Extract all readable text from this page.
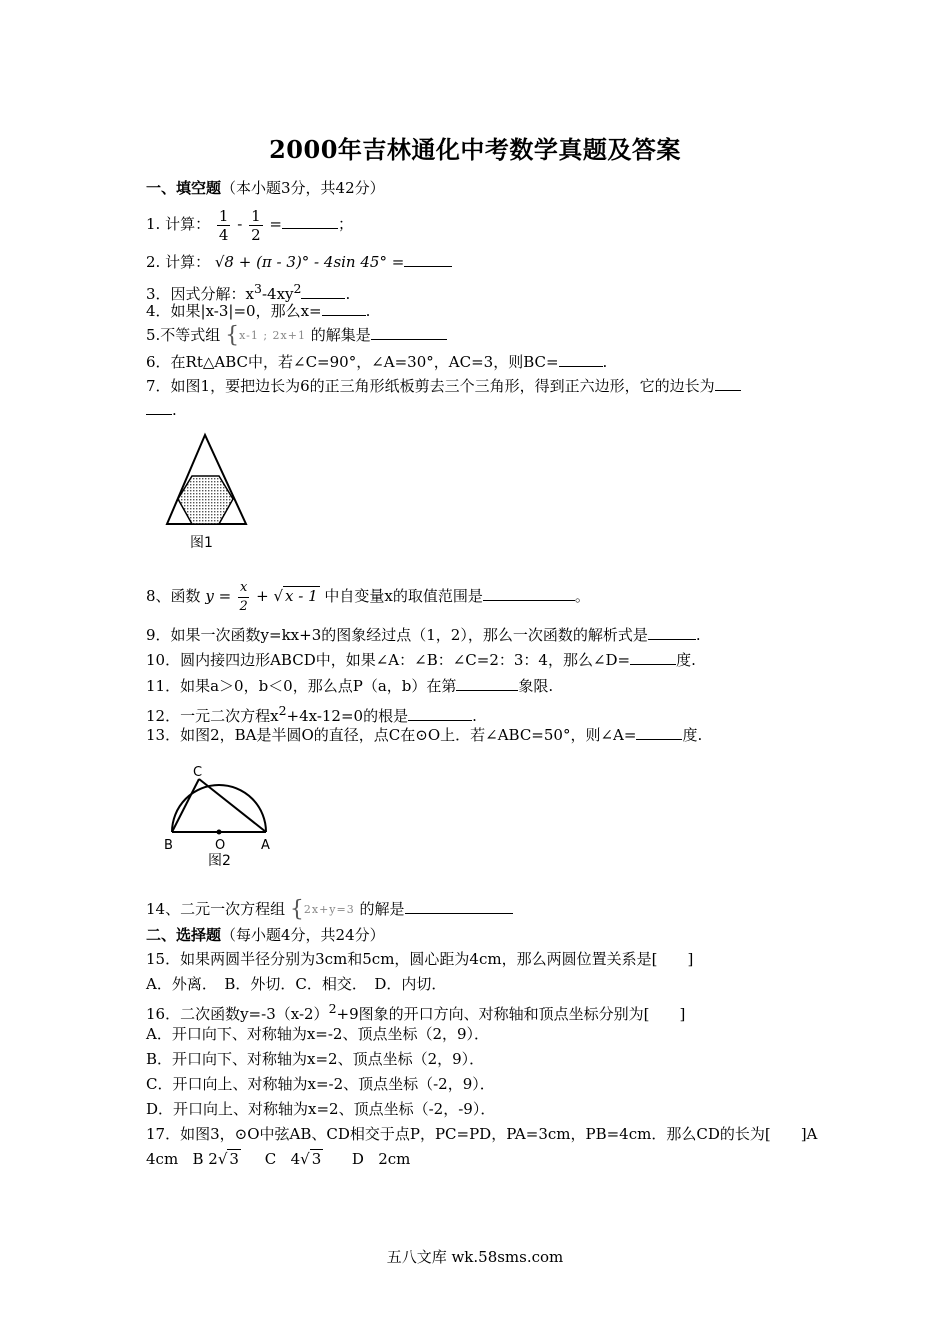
2000年吉林通化中考数学真题及答案
一、填空题（本小题3分，共42分）
1. 计算： $\frac{1}{4} - \frac{1}{2}$ =	；
2. 计算： √8 + (π - 3)° - 4sin 45° =
3．因式分解：$x^3-4xy^2$	.
4．如果|x-3|=0，那么x=	.
5.不等式组 {x-1 ; 2x+1 的解集是
6．在Rt△ABC中，若∠C=90°，∠A=30°，AC=3，则BC=	.
7．如图1，要把边长为6的正三角形纸板剪去三个三角形，得到正六边形，它的边长为
.
图1
8、函数 $y = \frac{x}{2}$ + √ x - 1 中自变量x的取值范围是	。
9．如果一次函数y=kx+3的图象经过点（1，2），那么一次函数的解析式是	.
10．圆内接四边形ABCD中，如果∠A：∠B：∠C=2：3：4，那么∠D=	度.
11．如果a＞0，b＜0，那么点P（a，b）在第	象限.
12．一元二次方程$x^2+4x-12=0$的根是	.
13．如图2，BA是半圆O的直径，点C在⊙O上．若∠ABC=50°，则∠A=	度.
C
B	O	A
图2
14、二元一次方程组 {2x+y=3 的解是
二、选择题（每小题4分，共24分）
15．如果两圆半径分别为3cm和5cm，圆心距为4cm，那么两圆位置关系是[　　]
A．外离．　B．外切．C．相交．　D．内切．
16．二次函数$y=-3(x-2)^2+9$图象的开口方向、对称轴和顶点坐标分别为[　　]
A．开口向下、对称轴为x=-2、顶点坐标（2，9）．
B．开口向下、对称轴为x=2、顶点坐标（2，9）．
C．开口向上、对称轴为x=-2、顶点坐标（-2，9）．
D．开口向上、对称轴为x=2、顶点坐标（-2，-9）．
17．如图3，⊙O中弦AB、CD相交于点P，PC=PD，PA=3cm，PB=4cm．那么CD的长为[　　]A
4cm B 2√ 3 C 4√ 3 D 2cm
五八文库 wk.58sms.com
